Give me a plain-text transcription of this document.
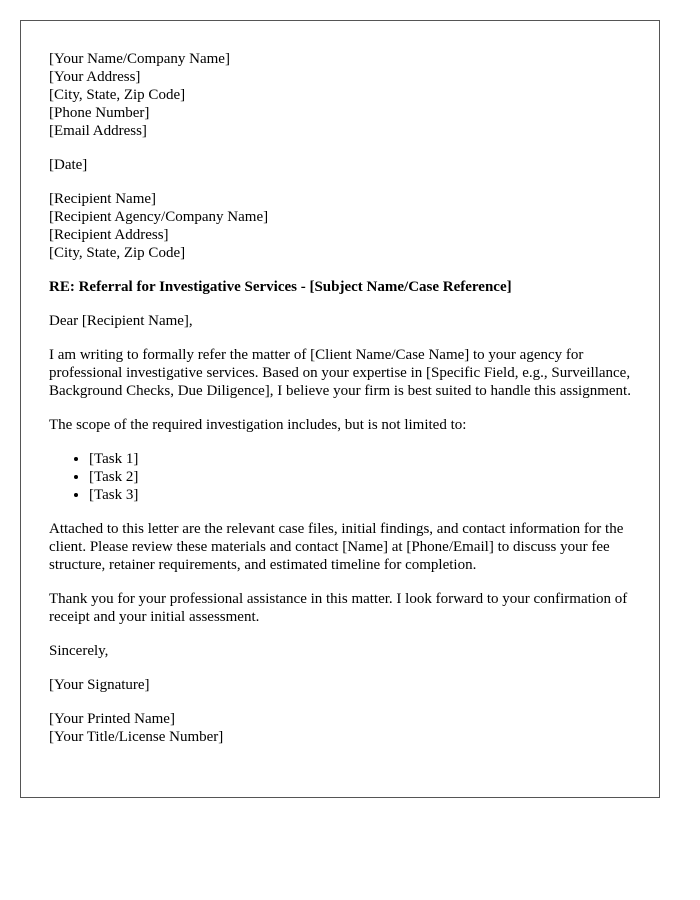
[Your Name/Company Name]
[Your Address]
[City, State, Zip Code]
[Phone Number]
[Email Address]
[Date]
[Recipient Name]
[Recipient Agency/Company Name]
[Recipient Address]
[City, State, Zip Code]

RE: Referral for Investigative Services - [Subject Name/Case Reference]

Dear [Recipient Name],

I am writing to formally refer the matter of [Client Name/Case Name] to your agency for professional investigative services. Based on your expertise in [Specific Field, e.g., Surveillance, Background Checks, Due Diligence], I believe your firm is best suited to handle this assignment.

The scope of the required investigation includes, but is not limited to:

• [Task 1]
• [Task 2]
• [Task 3]

Attached to this letter are the relevant case files, initial findings, and contact information for the client. Please review these materials and contact [Name] at [Phone/Email] to discuss your fee structure, retainer requirements, and estimated timeline for completion.

Thank you for your professional assistance in this matter. I look forward to your confirmation of receipt and your initial assessment.

Sincerely,

[Your Signature]

[Your Printed Name]
[Your Title/License Number]
